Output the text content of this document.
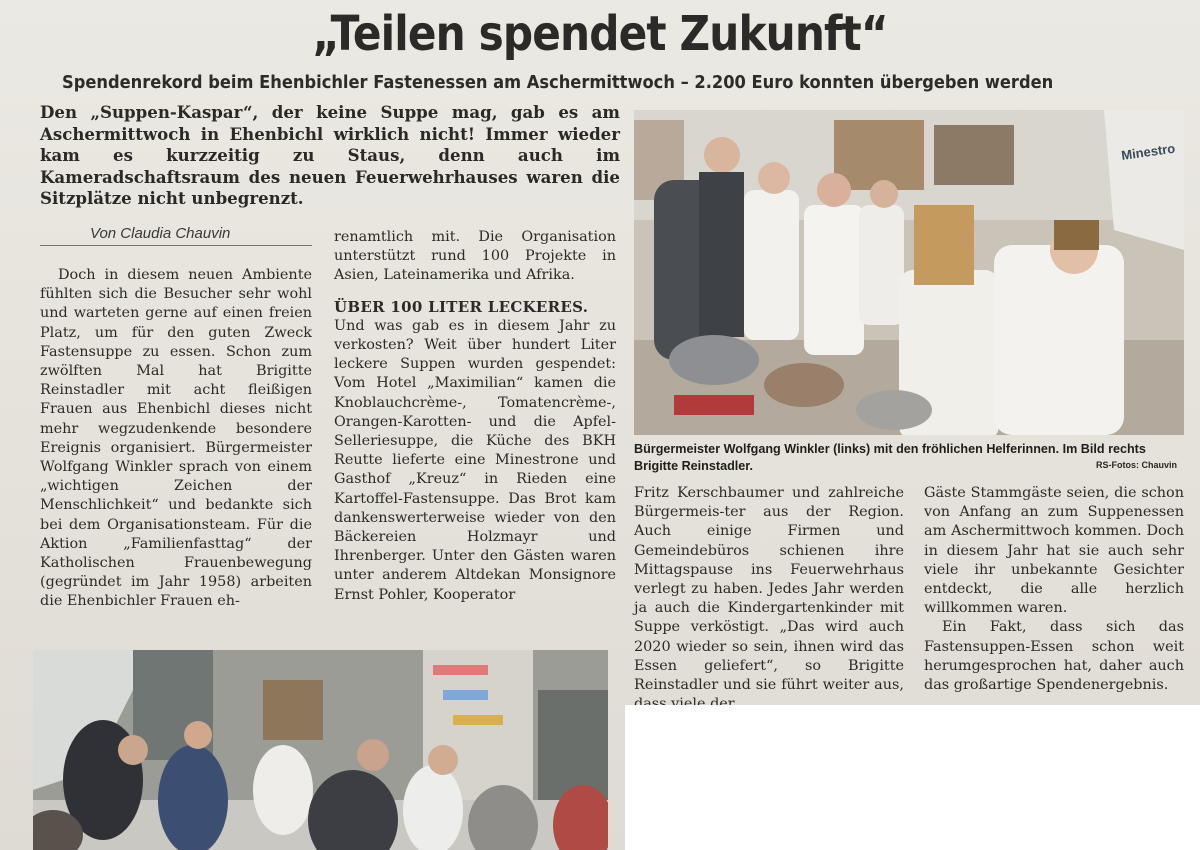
„Teilen spendet Zukunft“
Spendenrekord beim Ehenbichler Fastenessen am Aschermittwoch – 2.200 Euro konnten übergeben werden

Den „Suppen-Kaspar“, der keine Suppe mag, gab es am Aschermittwoch in Ehenbichl wirklich nicht! Immer wieder kam es kurzzeitig zu Staus, denn auch im Kameradschaftsraum des neuen Feuerwehrhauses waren die Sitzplätze nicht unbegrenzt.

Von Claudia Chauvin

Doch in diesem neuen Ambiente fühlten sich die Besucher sehr wohl und warteten gerne auf einen freien Platz, um für den guten Zweck Fastensuppe zu essen. Schon zum zwölften Mal hat Brigitte Reinstadler mit acht fleißigen Frauen aus Ehenbichl dieses nicht mehr wegzudenkende besondere Ereignis organisiert. Bürgermeister Wolfgang Winkler sprach von einem „wichtigen Zeichen der Menschlichkeit“ und bedankte sich bei dem Organisationsteam. Für die Aktion „Familienfasttag“ der Katholischen Frauenbewegung (gegründet im Jahr 1958) arbeiten die Ehenbichler Frauen eh-

renamtlich mit. Die Organisation unterstützt rund 100 Projekte in Asien, Lateinamerika und Afrika.

ÜBER 100 LITER LECKERES.

Und was gab es in diesem Jahr zu verkosten? Weit über hundert Liter leckere Suppen wurden gespendet: Vom Hotel „Maximilian“ kamen die Knoblauchcrème-, Tomatencrème-, Orangen-Karotten- und die Apfel-Selleriesuppe, die Küche des BKH Reutte lieferte eine Minestrone und Gasthof „Kreuz“ in Rieden eine Kartoffel-Fastensuppe. Das Brot kam dankenswerterweise wieder von den Bäckereien Holzmayr und Ihrenberger. Unter den Gästen waren unter anderem Altdekan Monsignore Ernst Pohler, Kooperator

Minestro
Bürgermeister Wolfgang Winkler (links) mit den fröhlichen Helferinnen. Im Bild rechts Brigitte Reinstadler.	RS-Fotos: Chauvin

Fritz Kerschbaumer und zahlreiche Bürgermeis-ter aus der Region. Auch einige Firmen und Gemeindebüros schienen ihre Mittagspause ins Feuerwehrhaus verlegt zu haben. Jedes Jahr werden ja auch die Kindergartenkinder mit Suppe verköstigt. „Das wird auch 2020 wieder so sein, ihnen wird das Essen geliefert“, so Brigitte Reinstadler und sie führt weiter aus,

Gäste Stammgäste seien, die schon von Anfang an zum Suppenessen am Aschermittwoch kommen. Doch in diesem Jahr hat sie auch sehr viele ihr unbekannte Gesichter entdeckt, die alle herzlich willkommen waren.

Ein Fakt, dass sich das Fastensuppen-Essen schon weit herumgesprochen hat, daher auch das großartige Spendenergebnis.
